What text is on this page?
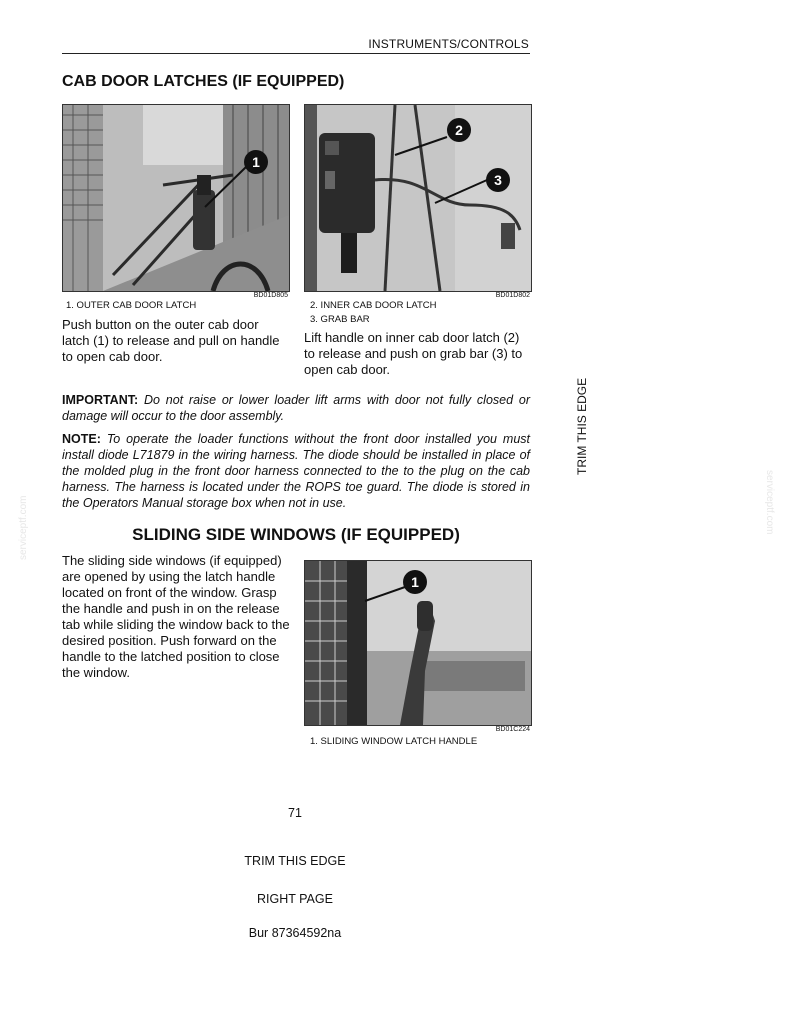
INSTRUMENTS/CONTROLS
CAB DOOR LATCHES (IF EQUIPPED)
1
BD01D805
1. OUTER CAB DOOR LATCH
Push button on the outer cab door latch (1) to release and pull on handle to open cab door.
2
3
BD01D802
2. INNER CAB DOOR LATCH
3. GRAB BAR
Lift handle on inner cab door latch (2) to release and push on grab bar (3) to open cab door.
IMPORTANT: Do not raise or lower loader lift arms with door not fully closed or damage will occur to the door assembly.
NOTE: To operate the loader functions without the front door installed you must install diode L71879 in the wiring harness. The diode should be installed in place of the molded plug in the front door harness connected to the to the plug on the cab harness. The harness is located under the ROPS toe guard. The diode is stored in the Operators Manual storage box when not in use.
SLIDING SIDE WINDOWS (IF EQUIPPED)
The sliding side windows (if equipped) are opened by using the latch handle located on front of the window. Grasp the handle and push in on the release tab while sliding the window back to the desired position. Push forward on the handle to the latched position to close the window.
1
BD01C224
1. SLIDING WINDOW LATCH HANDLE
TRIM THIS EDGE
serviceptf.com	serviceptf.com
71
TRIM THIS EDGE
RIGHT PAGE
Bur 87364592na
